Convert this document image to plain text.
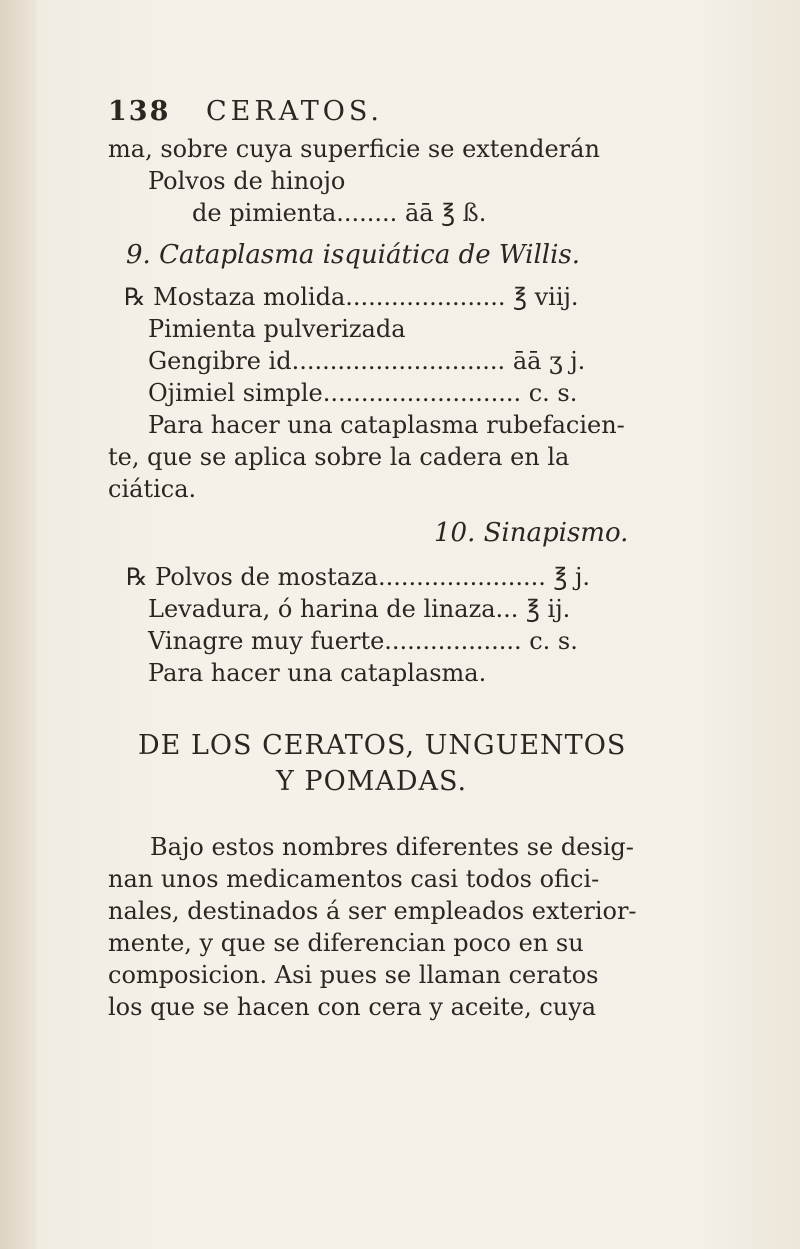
138 CERATOS.
ma, sobre cuya superficie se extenderán
Polvos de hinojo
de pimienta........ āā ℥ ß.
9. Cataplasma isquiática de Willis.
℞ Mostaza molida..................... ℥ viij.
Pimienta pulverizada
Gengibre id............................ āā ʒ j.
Ojimiel simple.......................... c. s.
Para hacer una cataplasma rubefacien-
te, que se aplica sobre la cadera en la
ciática.
10. Sinapismo.
℞ Polvos de mostaza...................... ℥ j.
Levadura, ó harina de linaza... ℥ ij.
Vinagre muy fuerte.................. c. s.
Para hacer una cataplasma.
DE LOS CERATOS, UNGUENTOS
Y POMADAS.
Bajo estos nombres diferentes se desig-
nan unos medicamentos casi todos ofici-
nales, destinados á ser empleados exterior-
mente, y que se diferencian poco en su
composicion. Asi pues se llaman ceratos
los que se hacen con cera y aceite, cuya
